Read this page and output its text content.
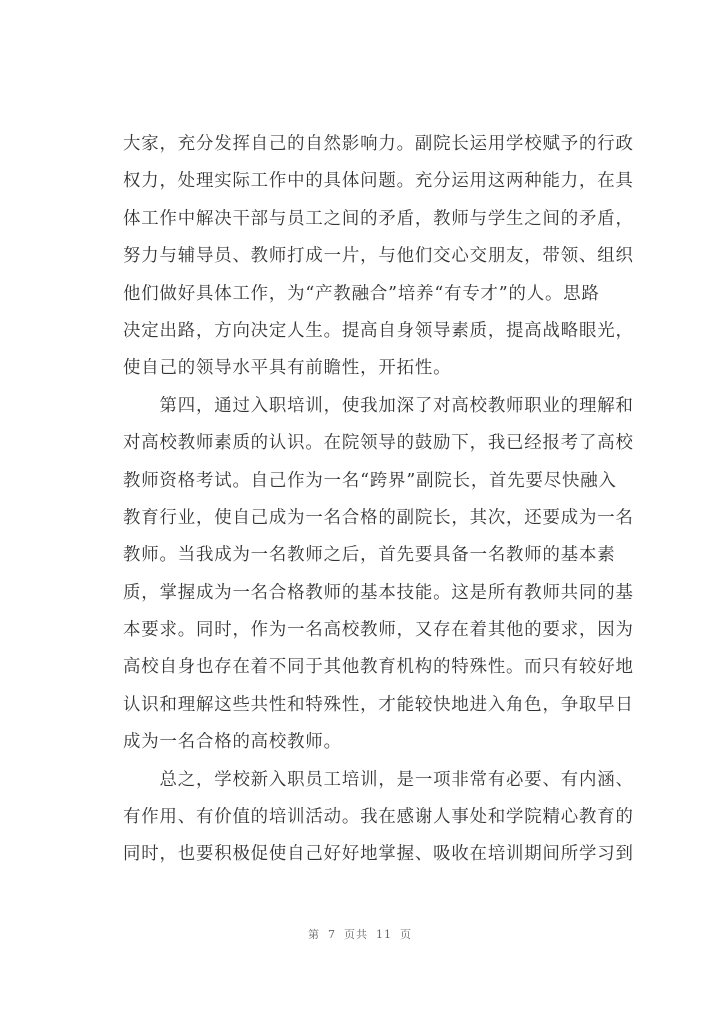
大家，充分发挥自己的自然影响力。副院长运用学校赋予的行政
权力，处理实际工作中的具体问题。充分运用这两种能力，在具
体工作中解决干部与员工之间的矛盾，教师与学生之间的矛盾，
努力与辅导员、教师打成一片，与他们交心交朋友，带领、组织
他们做好具体工作，为“产教融合”培养“有专才”的人。思路
决定出路，方向决定人生。提高自身领导素质，提高战略眼光，
使自己的领导水平具有前瞻性，开拓性。
　　第四，通过入职培训，使我加深了对高校教师职业的理解和
对高校教师素质的认识。在院领导的鼓励下，我已经报考了高校
教师资格考试。自己作为一名“跨界”副院长，首先要尽快融入
教育行业，使自己成为一名合格的副院长，其次，还要成为一名
教师。当我成为一名教师之后，首先要具备一名教师的基本素
质，掌握成为一名合格教师的基本技能。这是所有教师共同的基
本要求。同时，作为一名高校教师，又存在着其他的要求，因为
高校自身也存在着不同于其他教育机构的特殊性。而只有较好地
认识和理解这些共性和特殊性，才能较快地进入角色，争取早日
成为一名合格的高校教师。
　　总之，学校新入职员工培训，是一项非常有必要、有内涵、
有作用、有价值的培训活动。我在感谢人事处和学院精心教育的
同时，也要积极促使自己好好地掌握、吸收在培训期间所学习到
第 7 页共 11 页
